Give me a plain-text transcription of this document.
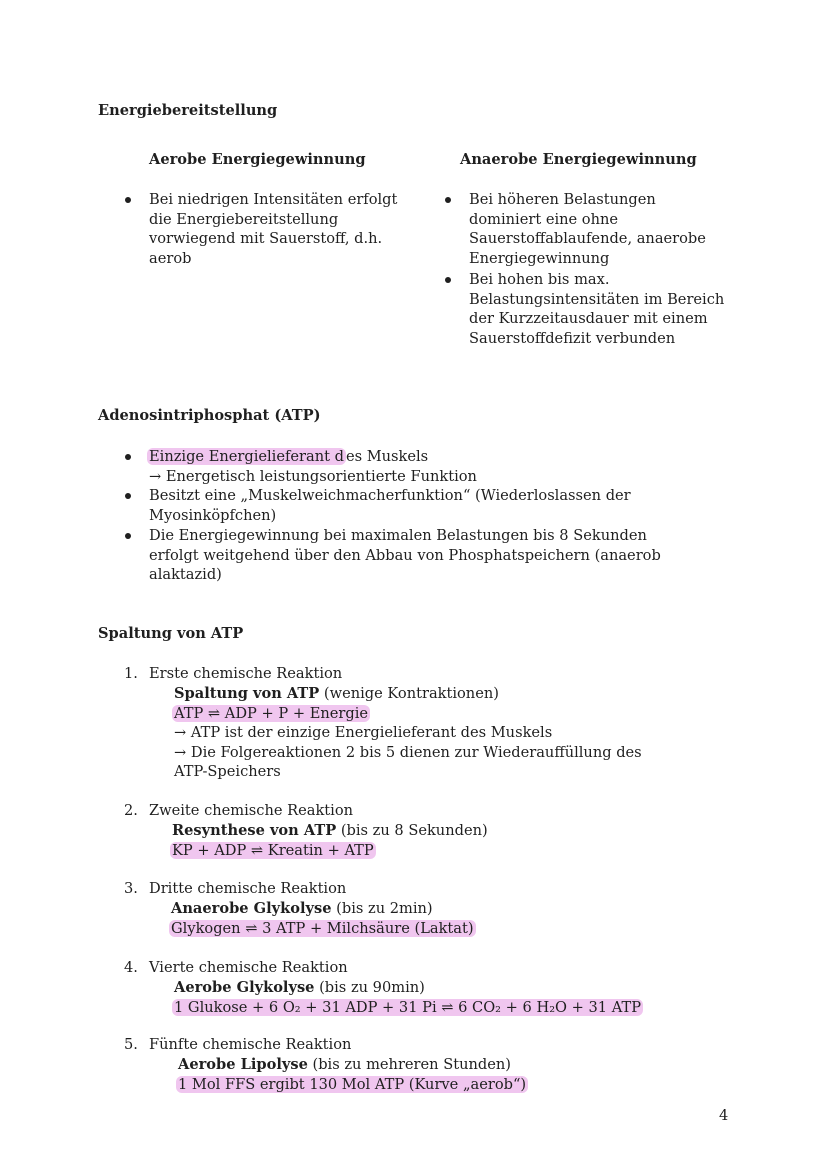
Energiebereitstellung
Aerobe Energiegewinnung	Anaerobe Energiegewinnung
Bei niedrigen Intensitäten erfolgt die Energiebereitstellung vorwiegend mit Sauerstoff, d.h. aerob
Bei höheren Belastungen dominiert eine ohne Sauerstoffablaufende, anaerobe Energiegewinnung
Bei hohen bis max. Belastungsintensitäten im Bereich der Kurzzeitausdauer mit einem Sauerstoffdefizit verbunden
Adenosintriphosphat (ATP)
Einzige Energielieferant d es Muskels
→ Energetisch leistungsorientierte Funktion
Besitzt eine „Muskelweichmacherfunktion“ (Wiederloslassen der Myosinköpfchen)
Die Energiegewinnung bei maximalen Belastungen bis 8 Sekunden erfolgt weitgehend über den Abbau von Phosphatspeichern (anaerob alaktazid)
Spaltung von ATP
1. Erste chemische Reaktion
Spaltung von ATP (wenige Kontraktionen)
ATP ⇌ ADP + P + Energie
→ ATP ist der einzige Energielieferant des Muskels
→ Die Folgereaktionen 2 bis 5 dienen zur Wiederauffüllung des ATP-Speichers
2. Zweite chemische Reaktion
Resynthese von ATP (bis zu 8 Sekunden)
KP + ADP ⇌ Kreatin + ATP
3. Dritte chemische Reaktion
Anaerobe Glykolyse (bis zu 2min)
Glykogen ⇌ 3 ATP + Milchsäure (Laktat)
4. Vierte chemische Reaktion
Aerobe Glykolyse (bis zu 90min)
1 Glukose + 6 O₂ + 31 ADP + 31 Pi ⇌ 6 CO₂ + 6 H₂O + 31 ATP
5. Fünfte chemische Reaktion
Aerobe Lipolyse (bis zu mehreren Stunden)
1 Mol FFS ergibt 130 Mol ATP (Kurve „aerob“)
4
